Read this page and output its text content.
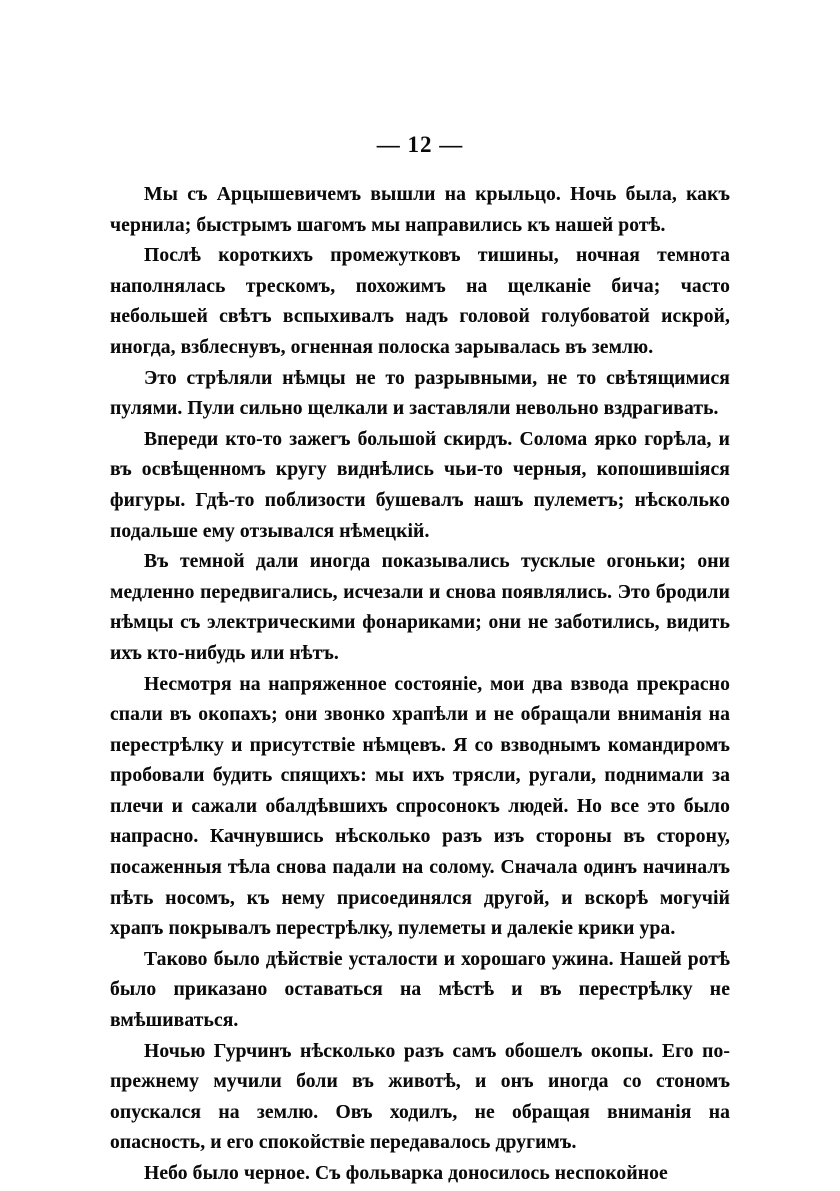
— 12 —

Мы съ Арцышевичемъ вышли на крыльцо. Ночь была, какъ чернила; быстрымъ шагомъ мы направились къ нашей ротѣ.

Послѣ короткихъ промежутковъ тишины, ночная темнота наполнялась трескомъ, похожимъ на щелканіе бича; часто небольшей свѣтъ вспыхивалъ надъ головой голубоватой искрой, иногда, взблеснувъ, огненная полоска зарывалась въ землю.

Это стрѣляли нѣмцы не то разрывными, не то свѣтящимися пулями. Пули сильно щелкали и заставляли невольно вздрагивать.

Впереди кто-то зажегъ большой скирдъ. Солома ярко горѣла, и въ освѣщенномъ кругу виднѣлись чьи-то черныя, копошившіяся фигуры. Гдѣ-то поблизости бушевалъ нашъ пулеметъ; нѣсколько подальше ему отзывался нѣмецкій.

Въ темной дали иногда показывались тусклые огоньки; они медленно передвигались, исчезали и снова появлялись. Это бродили нѣмцы съ электрическими фонариками; они не заботились, видить ихъ кто-нибудь или нѣтъ.

Несмотря на напряженное состояніе, мои два взвода прекрасно спали въ окопахъ; они звонко храпѣли и не обращали вниманія на перестрѣлку и присутствіе нѣмцевъ. Я со взводнымъ командиромъ пробовали будить спящихъ: мы ихъ трясли, ругали, поднимали за плечи и сажали обалдѣвшихъ спросонокъ людей. Но все это было напрасно. Качнувшись нѣсколько разъ изъ стороны въ сторону, посаженныя тѣла снова падали на солому. Сначала одинъ начиналъ пѣть носомъ, къ нему присоединялся другой, и вскорѣ могучій храпъ покрывалъ перестрѣлку, пулеметы и далекіе крики ура.

Таково было дѣйствіе усталости и хорошаго ужина. Нашей ротѣ было приказано оставаться на мѣстѣ и въ перестрѣлку не вмѣшиваться.

Ночью Гурчинъ нѣсколько разъ самъ обошелъ окопы. Его по-прежнему мучили боли въ животѣ, и онъ иногда со стономъ опускался на землю. Овъ ходилъ, не обращая вниманія на опасность, и его спокойствіе передавалось другимъ.

Небо было черное. Съ фольварка доносилось неспокойное
